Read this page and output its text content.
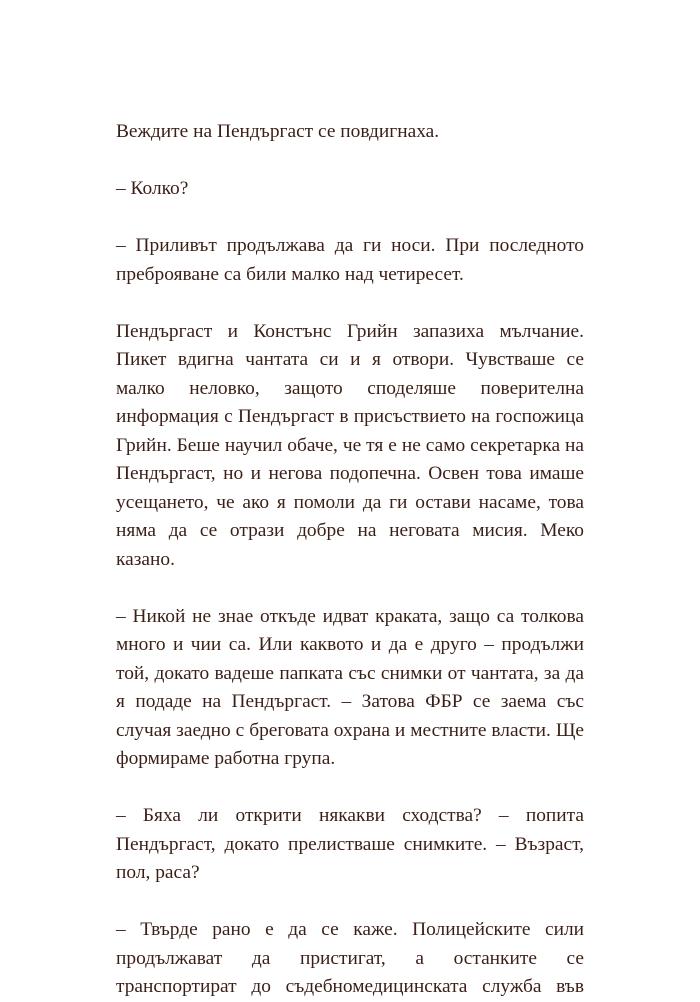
Веждите на Пендъргаст се повдигнаха.

– Колко?

– Приливът продължава да ги носи. При последното преброяване са били малко над четиресет.

Пендъргаст и Констънс Грийн запазиха мълчание. Пикет вдигна чантата си и я отвори. Чувстваше се малко неловко, защото споделяше поверителна информация с Пендъргаст в присъствието на госпожица Грийн. Беше научил обаче, че тя е не само секретарка на Пендъргаст, но и негова подопечна. Освен това имаше усещането, че ако я помоли да ги остави насаме, това няма да се отрази добре на неговата мисия. Меко казано.

– Никой не знае откъде идват краката, защо са толкова много и чии са. Или каквото и да е друго – продължи той, докато вадеше папката със снимки от чантата, за да я подаде на Пендъргаст. – Затова ФБР се заема със случая заедно с бреговата охрана и местните власти. Ще формираме работна група.

– Бяха ли открити някакви сходства? – попита Пендъргаст, докато прелистваше снимките. – Възраст, пол, раса?

– Твърде рано е да се каже. Полицейските сили продължават да пристигат, а останките се транспортират до съдебномедицинската служба във
